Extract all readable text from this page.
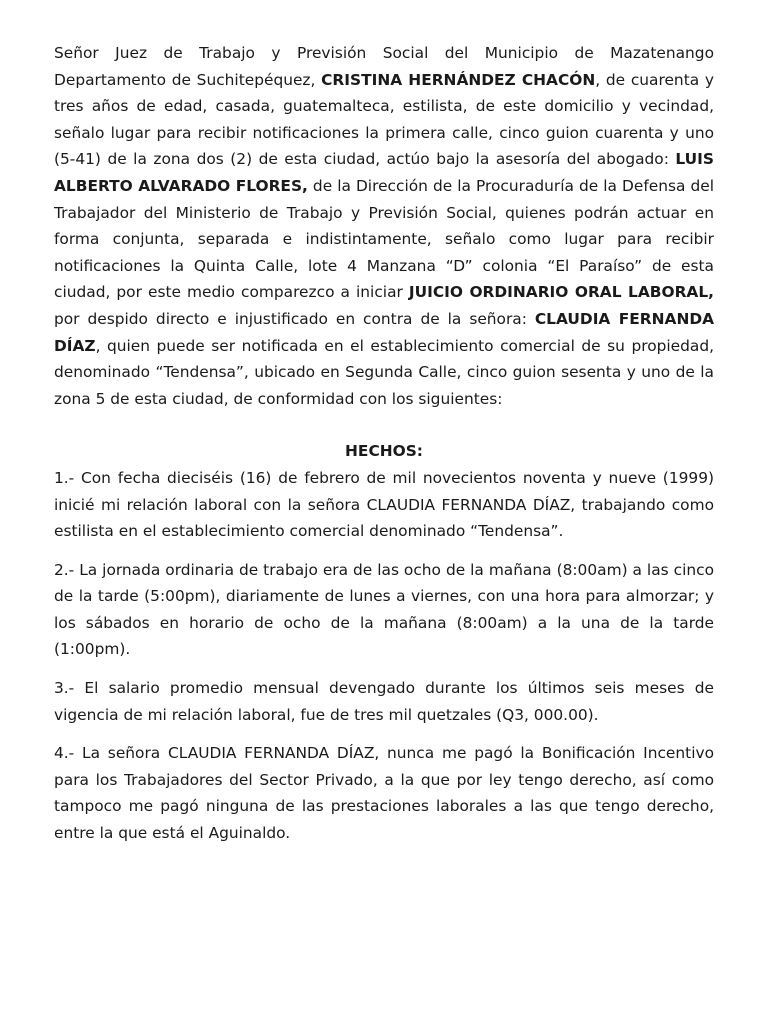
Señor Juez de Trabajo y Previsión Social del Municipio de Mazatenango Departamento de Suchitepéquez, CRISTINA HERNÁNDEZ CHACÓN, de cuarenta y tres años de edad, casada, guatemalteca, estilista, de este domicilio y vecindad, señalo lugar para recibir notificaciones la primera calle, cinco guion cuarenta y uno (5-41) de la zona dos (2) de esta ciudad, actúo bajo la asesoría del abogado: LUIS ALBERTO ALVARADO FLORES, de la Dirección de la Procuraduría de la Defensa del Trabajador del Ministerio de Trabajo y Previsión Social, quienes podrán actuar en forma conjunta, separada e indistintamente, señalo como lugar para recibir notificaciones la Quinta Calle, lote 4 Manzana “D” colonia “El Paraíso” de esta ciudad, por este medio comparezco a iniciar JUICIO ORDINARIO ORAL LABORAL, por despido directo e injustificado en contra de la señora: CLAUDIA FERNANDA DÍAZ, quien puede ser notificada en el establecimiento comercial de su propiedad, denominado “Tendensa”, ubicado en Segunda Calle, cinco guion sesenta y uno de la zona 5 de esta ciudad, de conformidad con los siguientes:

HECHOS:

1.- Con fecha dieciséis (16) de febrero de mil novecientos noventa y nueve (1999) inicié mi relación laboral con la señora CLAUDIA FERNANDA DÍAZ, trabajando como estilista en el establecimiento comercial denominado “Tendensa”.

2.- La jornada ordinaria de trabajo era de las ocho de la mañana (8:00am) a las cinco de la tarde (5:00pm), diariamente de lunes a viernes, con una hora para almorzar; y los sábados en horario de ocho de la mañana (8:00am) a la una de la tarde (1:00pm).

3.- El salario promedio mensual devengado durante los últimos seis meses de vigencia de mi relación laboral, fue de tres mil quetzales (Q3, 000.00).

4.- La señora CLAUDIA FERNANDA DÍAZ, nunca me pagó la Bonificación Incentivo para los Trabajadores del Sector Privado, a la que por ley tengo derecho, así como tampoco me pagó ninguna de las prestaciones laborales a las que tengo derecho, entre la que está el Aguinaldo.
